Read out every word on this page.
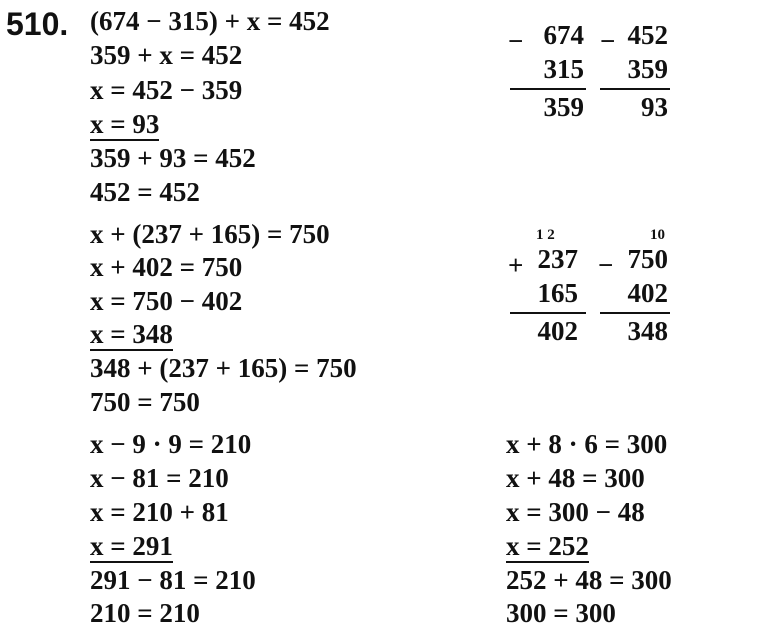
510. (674 − 315) + x = 452
359 + x = 452
x = 452 − 359
x = 93
359 + 93 = 452
452 = 452
− 674
315
359
− 452
359
93
x + (237 + 165) = 750
x + 402 = 750
x = 750 − 402
x = 348
348 + (237 + 165) = 750
750 = 750
1 2
+ 237
165
402
10
− 750
402
348
x − 9 · 9 = 210
x − 81 = 210
x = 210 + 81
x = 291
291 − 81 = 210
210 = 210
x + 8 · 6 = 300
x + 48 = 300
x = 300 − 48
x = 252
252 + 48 = 300
300 = 300
